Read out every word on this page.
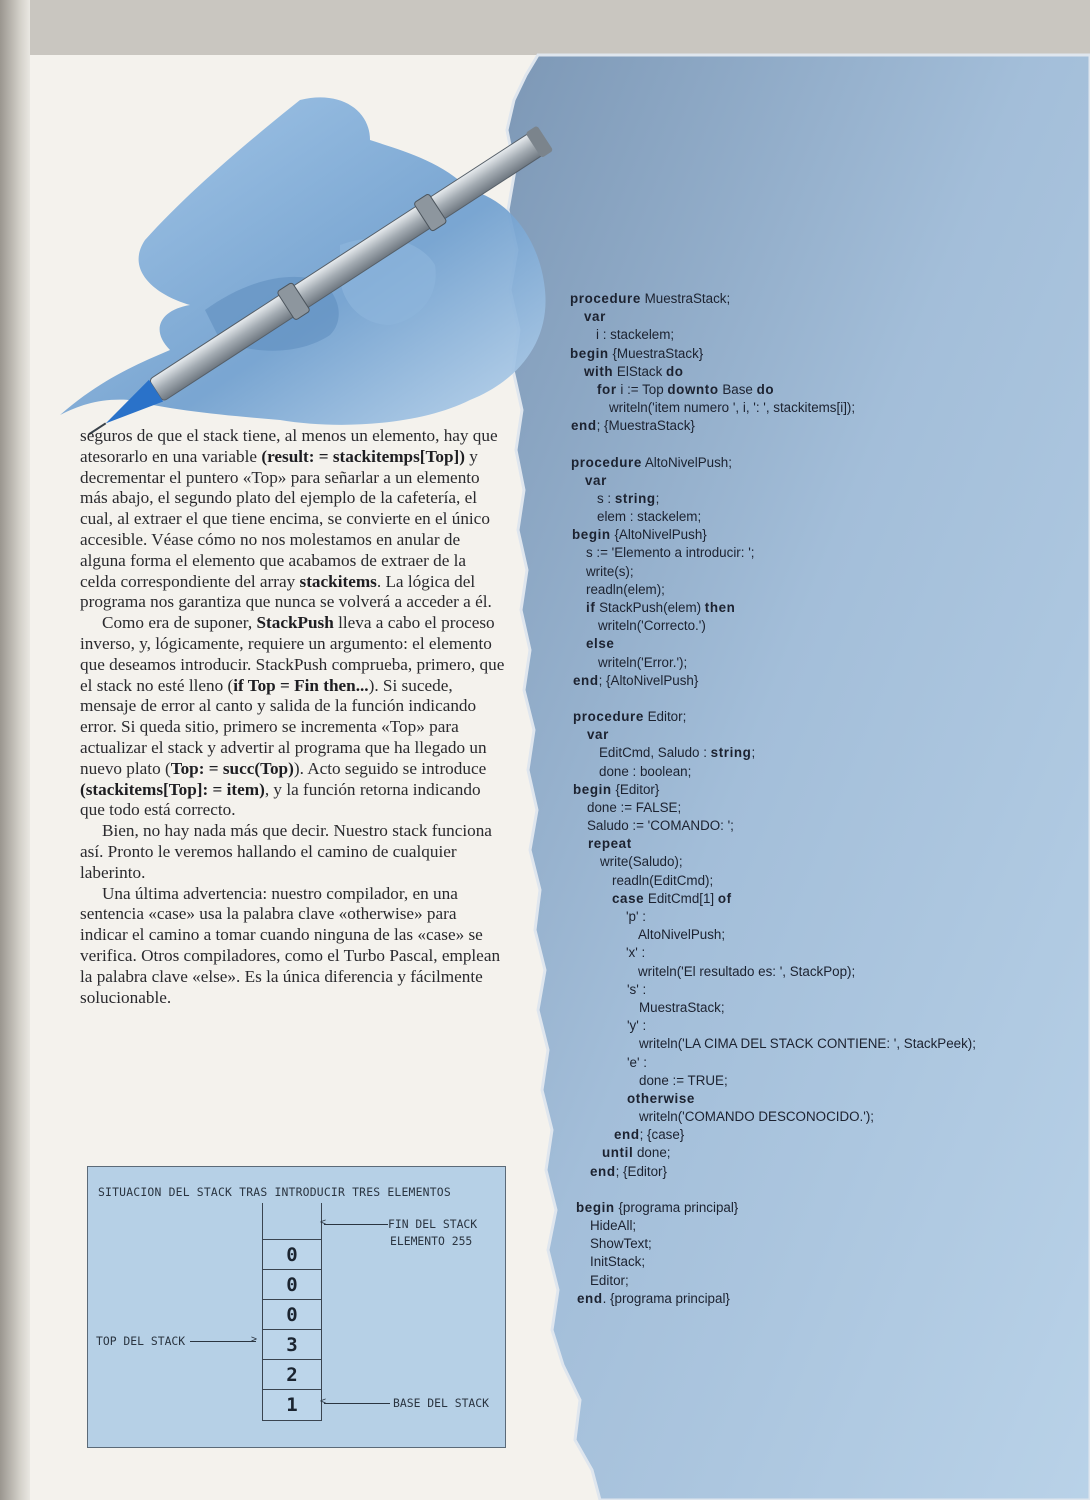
seguros de que el stack tiene, al menos un elemento, hay que atesorarlo en una variable (result: = stackitemps[Top]) y decrementar el puntero «Top» para señarlar a un elemento más abajo, el segundo plato del ejemplo de la cafetería, el cual, al extraer el que tiene encima, se convierte en el único accesible. Véase cómo no nos molestamos en anular de alguna forma el elemento que acabamos de extraer de la celda correspondiente del array stackitems. La lógica del programa nos garantiza que nunca se volverá a acceder a él.

Como era de suponer, StackPush lleva a cabo el proceso inverso, y, lógicamente, requiere un argumento: el elemento que deseamos introducir. StackPush comprueba, primero, que el stack no esté lleno (if Top = Fin then...). Si sucede, mensaje de error al canto y salida de la función indicando error. Si queda sitio, primero se incrementa «Top» para actualizar el stack y advertir al programa que ha llegado un nuevo plato (Top: = succ(Top)). Acto seguido se introduce (stackitems[Top]: = item), y la función retorna indicando que todo está correcto.

Bien, no hay nada más que decir. Nuestro stack funciona así. Pronto le veremos hallando el camino de cualquier laberinto.

Una última advertencia: nuestro compilador, en una sentencia «case» usa la palabra clave «otherwise» para indicar el camino a tomar cuando ninguna de las «case» se verifica. Otros compiladores, como el Turbo Pascal, emplean la palabra clave «else». Es la única diferencia y fácilmente solucionable.

procedure MuestraStack;
var
i : stackelem;
begin {MuestraStack}
with ElStack do
for i := Top downto Base do
writeln('item numero ', i, ': ', stackitems[i]);
end; {MuestraStack}
procedure AltoNivelPush;
var
s : string;
elem : stackelem;
begin {AltoNivelPush}
s := 'Elemento a introducir: ';
write(s);
readln(elem);
if StackPush(elem) then
writeln('Correcto.')
else
writeln('Error.');
end; {AltoNivelPush}
procedure Editor;
var
EditCmd, Saludo : string;
done : boolean;
begin {Editor}
done := FALSE;
Saludo := 'COMANDO: ';
repeat
write(Saludo);
readln(EditCmd);
case EditCmd[1] of
'p' :
AltoNivelPush;
'x' :
writeln('El resultado es: ', StackPop);
's' :
MuestraStack;
'y' :
writeln('LA CIMA DEL STACK CONTIENE: ', StackPeek);
'e' :
done := TRUE;
otherwise
writeln('COMANDO DESCONOCIDO.');
end; {case}
until done;
end; {Editor}
begin {programa principal}
HideAll;
ShowText;
InitStack;
Editor;
end. {programa principal}
SITUACION DEL STACK TRAS INTRODUCIR TRES ELEMENTOS
0
0
0
3
2
1
<	FIN DEL STACK
ELEMENTO 255
TOP DEL STACK	>
<	BASE DEL STACK
